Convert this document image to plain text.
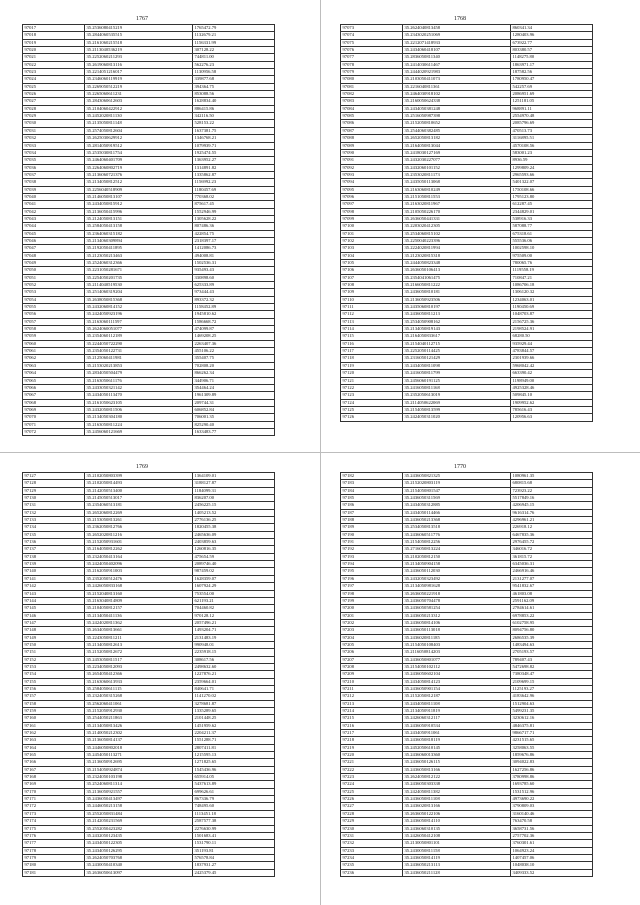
1767
97017	35.2536080415219	1765472.79
97018	35.2844060535515	1132679.21
97019	35.2161060215518	1156331.99
97020	35.2113040536219	307128.22
97021	35.2252060211293	744811.00
97022	35.2619060813116	562276.23
97023	35.2214051216017	1130956.58
97024	35.2346060119919	339877.68
97025	35.2269050512219	394364.75
97026	35.2265060611231	853088.56
97027	35.2843060612603	1628834.40
97028	35.2104060422912	886415.86
97029	35.2452020811130	342116.50
97030	35.2135050811148	528153.22
97031	35.2574050812604	1637381.75
97032	35.2625030629912	1346768.21
97033	35.2814050919512	1079939.71
97034	35.2535030811754	1925474.55
97035	35.2464060401709	1363952.27
97036	35.2264060802719	1314891.82
97037	35.2136060721376	1335862.87
97038	35.2134050812512	1156992.23
97039	35.2256040518909	1180457.69
97040	35.2146050813107	770368.02
97041	35.2434050815912	875617.45
97042	35.2136050415996	1552946.99
97043	35.2124050813151	1305628.22
97044	35.2584050413158	807486.36
97045	35.2364060315182	422854.75
97046	35.2134060309894	2318397.17
97047	35.2192050411895	1412086.73
97048	35.2123050213463	494008.81
97049	35.2524060312366	1502536.31
97050	35.2231050281671	935493.43
97051	35.2254050201735	330898.60
97052	35.2114040519530	625333.89
97053	35.2514060319204	973444.43
97054	35.2638050815368	893372.32
97055	35.2432060814152	1158452.89
97056	35.2424050923196	1945810.62
97057	35.2163060111597	1586668.72
97058	35.2624060051077	474099.87
97059	35.2354060112189	1469208.25
97060	35.2244050722290	2263407.36
97061	35.2354050122731	455106.22
97062	35.2125060411981	355407.75
97063	35.2153020213853	702808.20
97064	35.2834050504479	866262.34
97065	35.2163050611176	344906.71
97066	35.2433050321142	354464.24
97067	35.2434050113470	1961309.89
97068	35.2161050623105	209744.31
97069	35.2432050811506	606852.84
97070	35.2134050304180	706001.35
97071	35.2163050811224	825290.40
97072	35.2456060121669	1633483.77
1768
97073	35.2624040813458	860341.34
97074	35.2343020251069	1280403.96
97075	35.2212071418933	673922.77
97076	35.2434060418107	803380.57
97077	35.2836050811340	1148275.80
97078	35.2414030611467	1863971.17
97079	35.2444020921983	187582.56
97080	35.2103050411073	1780950.47
97081	35.2216040811361	542257.69
97082	35.2464030918102	2086951.69
97083	35.2160050624338	1251181.05
97084	35.2434050381248	968891.11
97085	35.2516050987398	2554970.48
97086	35.2152050810652	2085796.69
97087	35.2544060382485	470513.73
97088	35.2652050813182	3116895.51
97089	35.2164050813044	4570108.56
97090	35.2418030127169	583001.23
97091	35.2432030227077	8936.59
97092	35.2432060101152	1299809.24
97093	35.2353020811173	2965593.66
97094	35.2435050113068	5401322.07
97095	35.2163060810249	1750108.66
97096	35.2151050811553	1795123.80
97097	35.2163020811967	612287.45
97098	35.2105050226170	2344829.01
97099	35.2636050441331	538916.33
97100	35.2203020412305	587088.77
97101	35.2534060815102	675318.61
97102	35.2250040223396	555536.06
97103	35.2224020811994	1002598.10
97104	35.2123020815318	975509.00
97105	35.2444050823348	780065.76
97106	35.2636050106413	1119558.19
97107	35.2354041061475	710847.21
97108	35.2166050811222	1086706.18
97109	35.2436050810181	1306120.32
97110	35.2136050923506	1234063.01
97111	35.2435060810197	1190450.69
97112	35.2436050811213	1048703.87
97113	35.2534050908162	2156725.36
97114	35.2134050819143	2198524.91
97115	35.2164050833617	68280.50
97116	35.2154040112715	935929.44
97117	35.2252050114425	4783844.57
97118	35.2316050121429	2301939.66
97119	35.2434050811098	5968042.42
97120	35.2416050811799	663390.42
97121	35.2456060191125	1198949.00
97122	35.2416050811168	4925328.46
97123	35.2352050613019	509845.10
97124	35.2114050622069	1909952.62
97125	35.2154050813599	785616.43
97126	35.2424050311020	120956.63
1769
97127	35.2102050803399	1364109.01
97128	35.2102050814493	3188127.87
97129	35.2142050513400	1184099.31
97130	35.2145050513017	836207.00
97131	35.2354060513181	2456225.15
97132	35.2652060812269	1405213.52
97133	35.2153050813261	2776136.25
97134	35.2362050812766	1820455.38
97135	35.2652020811216	2465636.09
97136	35.2152050931601	2403859.63
97137	35.2164050812262	1260816.35
97138	35.2324050413164	475654.59
97139	35.2424050402096	2089746.40
97140	35.2162050911003	987459.02
97141	35.2352050512476	1628359.07
97142	35.2426050833168	1607924.29
97143	35.2152040813160	753554.00
97144	35.2163040814809	621193.21
97145	35.2104050812157	704460.82
97146	35.2134050411136	970128.12
97147	35.2424020811362	2057496.21
97148	35.2634050813661	1493204.71
97149	35.2243050811211	2131483.19
97150	35.2134050812613	990948.01
97151	35.2152050812672	2235918.15
97152	35.2453050811517	308617.56
97153	35.2234050812093	2498632.60
97154	35.2654050412366	1227876.21
97155	35.2163060613933	2359664.01
97156	35.2584050611115	840641.71
97157	35.2324050315268	1141270.02
97158	35.2562060411061	3278681.87
97159	35.2152050912930	1335289.65
97160	35.2544050211863	2101448.25
97161	35.2134050813426	1451959.62
97162	35.2140050212302	2204211.37
97163	35.2136050814137	1551288.71
97164	35.2446050802018	2807411.81
97165	35.2454050113271	1215595.13
97166	35.2136050912695	1271825.65
97167	35.2154050924874	1545436.96
97168	35.2324050103198	655914.05
97169	35.2524060811314	5437613.89
97170	35.2136050921557	699626.61
97171	35.2436050413497	867336.79
97172	35.2446050213158	748495.60
97173	35.2552050831484	1113451.18
97174	35.2142050231569	2587577.38
97175	35.2552050423282	2276630.99
97176	35.2432050123435	1501683.41
97177	35.2434050122305	1531790.11
97178	35.2434050126295	351193.81
97179	35.2624050703768	576578.84
97180	35.2430050410340	1837931.27
97181	35.2636050613097	2425379.45
1770
97182	35.2436050821325	1080961.35
97183	35.2152020803119	680815.68
97184	35.2154050801547	723923.22
97185	35.2436050311569	5517849.16
97186	35.2434050312885	4206945.15
97187	35.2434050114466	9616314.76
97188	35.2436050213368	4296961.21
97189	35.2534050813518	226918.12
97190	35.2436060511776	6467835.36
97191	35.2154050812256	2976455.72
97192	35.2716050813224	346016.72
97193	35.2102050812150	361815.72
97194	35.2134050904158	6345036.31
97195	35.2436050112030	2466916.46
97196	35.2432050323492	2131277.07
97197	35.2134050981628	9541832.67
97198	35.2636050221918	461803.08
97199	35.2436050704478	2591162.09
97200	35.2436050581254	2784614.61
97201	35.2436050213312	6978853.22
97202	35.2436050814106	6102758.95
97203	35.2436050113018	8094756.80
97204	35.2436020811185	2686535.39
97205	35.2154050108403	1483494.63
97206	35.2116050814203	2705193.57
97207	35.2436050801077	789407.43
97208	35.2154050102112	5472698.82
97209	35.2436050602104	7380348.47
97210	35.2434050814123	2109699.15
97211	35.2436050901154	1125193.27
97212	35.2152050812187	4183642.96
97213	35.2434050811108	1512904.63
97214	35.2134050911819	5499231.35
97215	35.2426060312117	3230612.16
97216	35.2436050910534	4846375.81
97217	35.2434050911061	9866717.71
97218	35.2436050818119	4231515.65
97219	35.2452050610145	3258063.55
97220	35.2436060013360	1859676.86
97221	35.2436050126115	3094022.83
97222	35.2436050813166	1627256.86
97223	35.2624050812122	3780998.86
97224	35.2436050303338	1693785.60
97225	35.2424050811382	1531512.96
97226	35.2436050811108	4973690.22
97227	35.2436020813166	3790809.03
97228	35.2636050122106	3160140.46
97229	35.2436050814110	763470.58
97230	35.2436060310135	3658731.56
97231	35.2426050412108	2757702.36
97232	35.2130050801101	3760301.61
97233	35.2430050811158	1064923.24
97234	35.2436050814119	1407457.06
97235	35.2436050213113	1048038.10
97236	35.2436050211128	3409333.52
